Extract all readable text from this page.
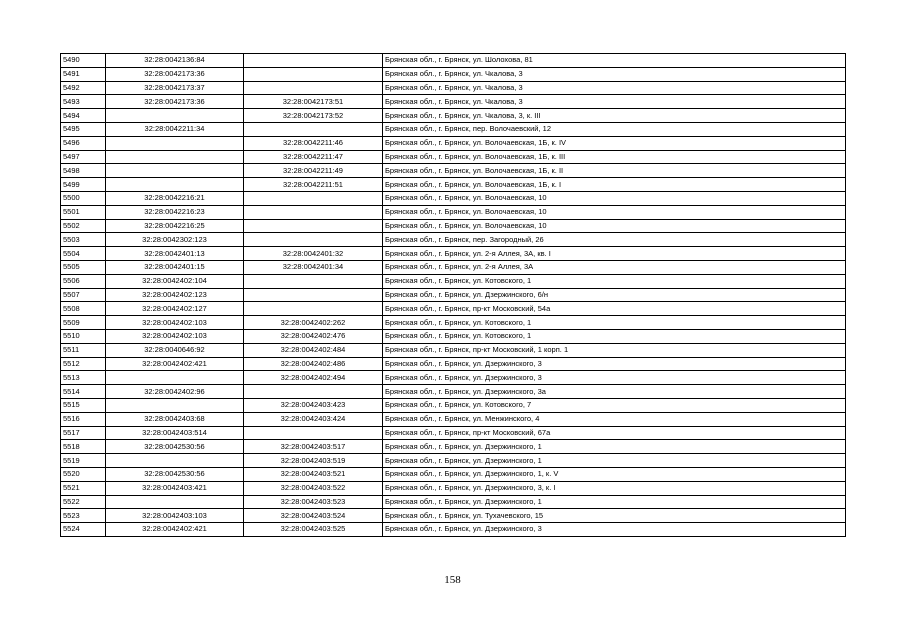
5490	32:28:0042136:84		Брянская обл., г. Брянск, ул. Шолохова, 81
5491	32:28:0042173:36		Брянская обл., г. Брянск, ул. Чкалова, 3
5492	32:28:0042173:37		Брянская обл., г. Брянск, ул. Чкалова, 3
5493	32:28:0042173:36	32:28:0042173:51	Брянская обл., г. Брянск, ул. Чкалова, 3
5494		32:28:0042173:52	Брянская обл., г. Брянск, ул. Чкалова, 3, к. III
5495	32:28:0042211:34		Брянская обл., г. Брянск, пер. Волочаевский, 12
5496		32:28:0042211:46	Брянская обл., г. Брянск, ул. Волочаевская, 1Б, к. IV
5497		32:28:0042211:47	Брянская обл., г. Брянск, ул. Волочаевская, 1Б, к. III
5498		32:28:0042211:49	Брянская обл., г. Брянск, ул. Волочаевская, 1Б, к. II
5499		32:28:0042211:51	Брянская обл., г. Брянск, ул. Волочаевская, 1Б, к. I
5500	32:28:0042216:21		Брянская обл., г. Брянск, ул. Волочаевская, 10
5501	32:28:0042216:23		Брянская обл., г. Брянск, ул. Волочаевская, 10
5502	32:28:0042216:25		Брянская обл., г. Брянск, ул. Волочаевская, 10
5503	32:28:0042302:123		Брянская обл., г. Брянск, пер. Загородный, 26
5504	32:28:0042401:13	32:28:0042401:32	Брянская обл., г. Брянск, ул. 2-я Аллея, 3А, кв. I
5505	32:28:0042401:15	32:28:0042401:34	Брянская обл., г. Брянск, ул. 2-я Аллея, 3А
5506	32:28:0042402:104		Брянская обл., г. Брянск, ул. Котовского, 1
5507	32:28:0042402:123		Брянская обл., г. Брянск, ул. Дзержинского, 6/н
5508	32:28:0042402:127		Брянская обл., г. Брянск, пр-кт Московский, 54а
5509	32:28:0042402:103	32:28:0042402:262	Брянская обл., г. Брянск, ул. Котовского, 1
5510	32:28:0042402:103	32:28:0042402:476	Брянская обл., г. Брянск, ул. Котовского, 1
5511	32:28:0040646:92	32:28:0042402:484	Брянская обл., г. Брянск, пр-кт Московский, 1 корп. 1
5512	32:28:0042402:421	32:28:0042402:486	Брянская обл., г. Брянск, ул. Дзержинского, 3
5513		32:28:0042402:494	Брянская обл., г. Брянск, ул. Дзержинского, 3
5514	32:28:0042402:96		Брянская обл., г. Брянск, ул. Дзержинского, 3а
5515		32:28:0042403:423	Брянская обл., г. Брянск, ул. Котовского, 7
5516	32:28:0042403:68	32:28:0042403:424	Брянская обл., г. Брянск, ул. Менжинского, 4
5517	32:28:0042403:514		Брянская обл., г. Брянск, пр-кт Московский, 67а
5518	32:28:0042530:56	32:28:0042403:517	Брянская обл., г. Брянск, ул. Дзержинского, 1
5519		32:28:0042403:519	Брянская обл., г. Брянск, ул. Дзержинского, 1
5520	32:28:0042530:56	32:28:0042403:521	Брянская обл., г. Брянск, ул. Дзержинского, 1, к. V
5521	32:28:0042403:421	32:28:0042403:522	Брянская обл., г. Брянск, ул. Дзержинского, 3, к. I
5522		32:28:0042403:523	Брянская обл., г. Брянск, ул. Дзержинского, 1
5523	32:28:0042403:103	32:28:0042403:524	Брянская обл., г. Брянск, ул. Тухачевского, 15
5524	32:28:0042402:421	32:28:0042403:525	Брянская обл., г. Брянск, ул. Дзержинского, 3
158
